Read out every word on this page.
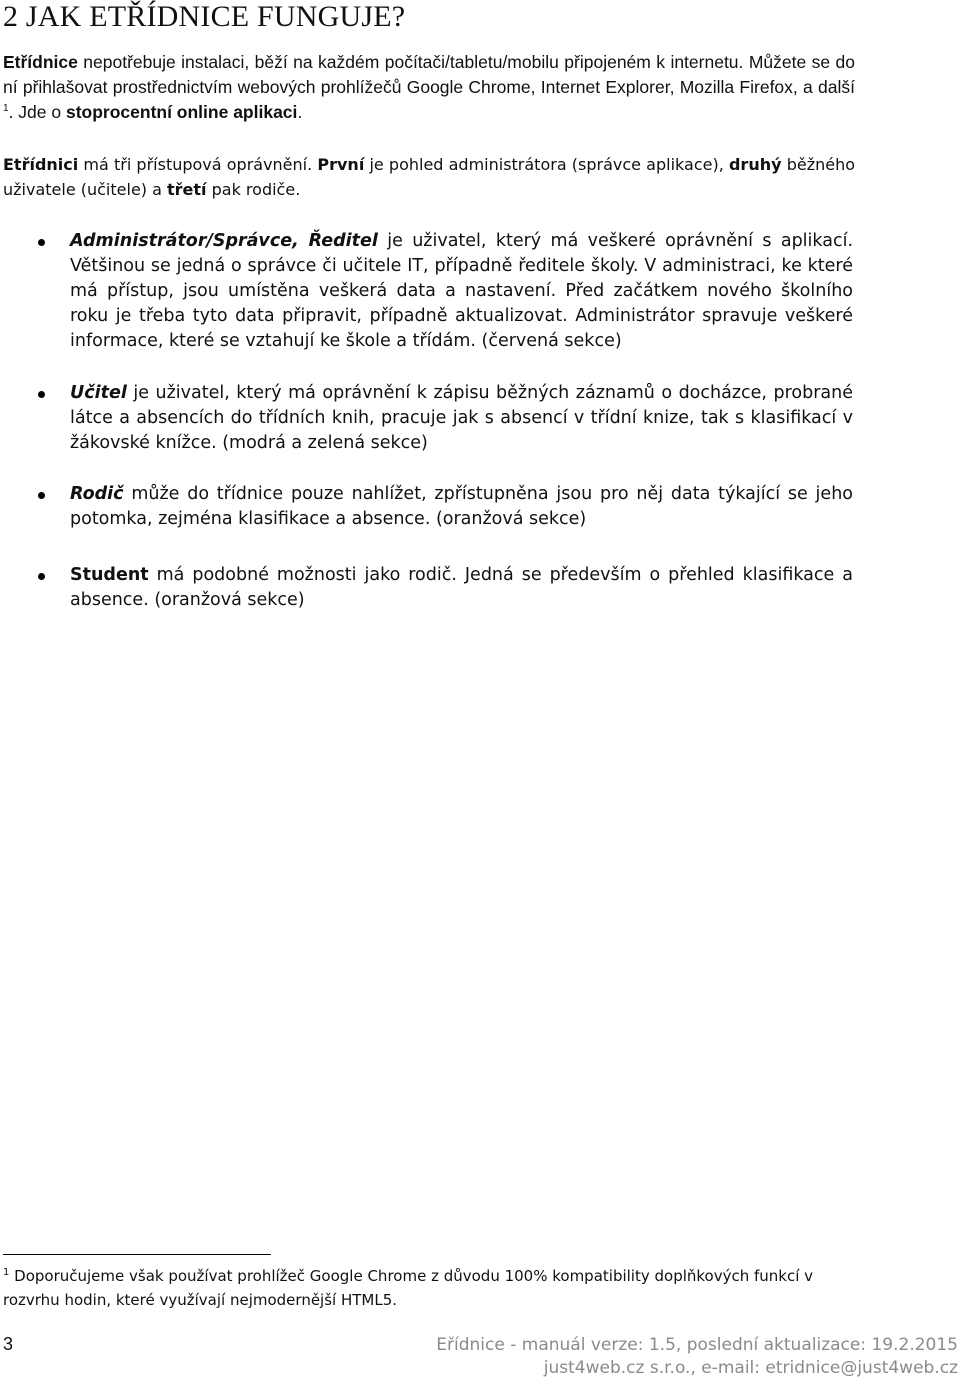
2 JAK ETŘÍDNICE FUNGUJE?

Etřídnice nepotřebuje instalaci, běží na každém počítači/tabletu/mobilu připojeném k internetu. Můžete se do ní přihlašovat prostřednictvím webových prohlížečů Google Chrome, Internet Explorer, Mozilla Firefox, a další $^1$. Jde o stoprocentní online aplikaci.

Etřídnici má tři přístupová oprávnění. První je pohled administrátora (správce aplikace), druhý běžného uživatele (učitele) a třetí pak rodiče.

Administrátor/Správce, Ředitel je uživatel, který má veškeré oprávnění s aplikací. Většinou se jedná o správce či učitele IT, případně ředitele školy. V administraci, ke které má přístup, jsou umístěna veškerá data a nastavení. Před začátkem nového školního roku je třeba tyto data připravit, případně aktualizovat. Administrátor spravuje veškeré informace, které se vztahují ke škole a třídám. (červená sekce)

Učitel je uživatel, který má oprávnění k zápisu běžných záznamů o docházce, probrané látce a absencích do třídních knih, pracuje jak s absencí v třídní knize, tak s klasifikací v žákovské knížce. (modrá a zelená sekce)

Rodič může do třídnice pouze nahlížet, zpřístupněna jsou pro něj data týkající se jeho potomka, zejména klasifikace a absence. (oranžová sekce)

Student má podobné možnosti jako rodič. Jedná se především o přehled klasifikace a absence. (oranžová sekce)

$^1$ Doporučujeme však používat prohlížeč Google Chrome z důvodu 100% kompatibility doplňkových funkcí v rozvrhu hodin, které využívají nejmodernější HTML5.

3	Eřídnice - manuál verze: 1.5, poslední aktualizace: 19.2.2015
just4web.cz s.r.o., e-mail: etridnice@just4web.cz
